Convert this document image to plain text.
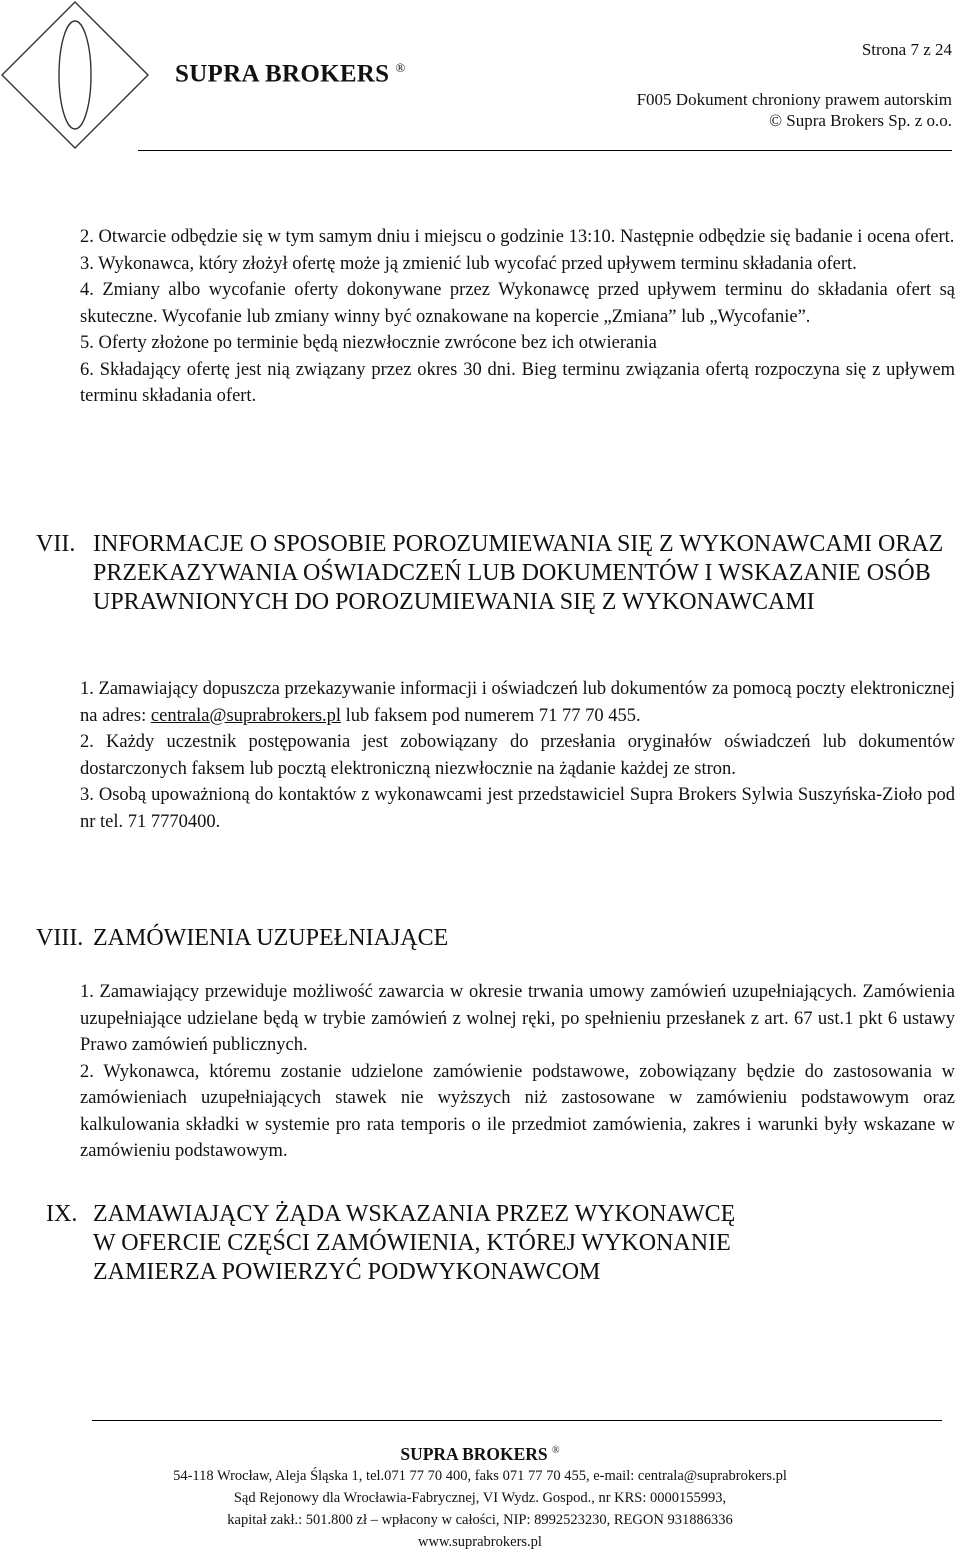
SUPRA BROKERS ®
Strona 7 z 24
F005 Dokument chroniony prawem autorskim
© Supra Brokers Sp. z o.o.

2. Otwarcie odbędzie się w tym samym dniu i miejscu o godzinie 13:10. Następnie odbędzie się badanie i ocena ofert.

3. Wykonawca, który złożył ofertę może ją zmienić lub wycofać przed upływem terminu składania ofert.

4. Zmiany albo wycofanie oferty dokonywane przez Wykonawcę przed upływem terminu do składania ofert są skuteczne. Wycofanie lub zmiany winny być oznakowane na kopercie „Zmiana” lub „Wycofanie”.

5. Oferty złożone po terminie będą niezwłocznie zwrócone bez ich otwierania

6. Składający ofertę jest nią związany przez okres 30 dni. Bieg terminu związania ofertą rozpoczyna się z upływem terminu składania ofert.

VII. INFORMACJE O SPOSOBIE POROZUMIEWANIA SIĘ Z WYKONAWCAMI ORAZ PRZEKAZYWANIA OŚWIADCZEŃ LUB DOKUMENTÓW I WSKAZANIE OSÓB UPRAWNIONYCH DO POROZUMIEWANIA SIĘ Z WYKONAWCAMI

1. Zamawiający dopuszcza przekazywanie informacji i oświadczeń lub dokumentów za pomocą poczty elektronicznej na adres: centrala@suprabrokers.pl lub faksem pod numerem 71 77 70 455.

2. Każdy uczestnik postępowania jest zobowiązany do przesłania oryginałów oświadczeń lub dokumentów dostarczonych faksem lub pocztą elektroniczną niezwłocznie na żądanie każdej ze stron.

3. Osobą upoważnioną do kontaktów z wykonawcami jest przedstawiciel Supra Brokers Sylwia Suszyńska-Zioło pod nr tel. 71 7770400.

VIII. ZAMÓWIENIA UZUPEŁNIAJĄCE

1. Zamawiający przewiduje możliwość zawarcia w okresie trwania umowy zamówień uzupełniających. Zamówienia uzupełniające udzielane będą w trybie zamówień z wolnej ręki, po spełnieniu przesłanek z art. 67 ust.1 pkt 6 ustawy Prawo zamówień publicznych.

2. Wykonawca, któremu zostanie udzielone zamówienie podstawowe, zobowiązany będzie do zastosowania w zamówieniach uzupełniających stawek nie wyższych niż zastosowane w zamówieniu podstawowym oraz kalkulowania składki w systemie pro rata temporis o ile przedmiot zamówienia, zakres i warunki były wskazane w zamówieniu podstawowym.

IX. ZAMAWIAJĄCY ŻĄDA WSKAZANIA PRZEZ WYKONAWCĘ
W OFERCIE CZĘŚCI ZAMÓWIENIA, KTÓREJ WYKONANIE
ZAMIERZA POWIERZYĆ PODWYKONAWCOM
SUPRA BROKERS ®
54-118 Wrocław, Aleja Śląska 1, tel.071 77 70 400, faks 071 77 70 455, e-mail: centrala@suprabrokers.pl
Sąd Rejonowy dla Wrocławia-Fabrycznej, VI Wydz. Gospod., nr KRS: 0000155993,
kapitał zakł.: 501.800 zł – wpłacony w całości, NIP: 8992523230, REGON 931886336
www.suprabrokers.pl
